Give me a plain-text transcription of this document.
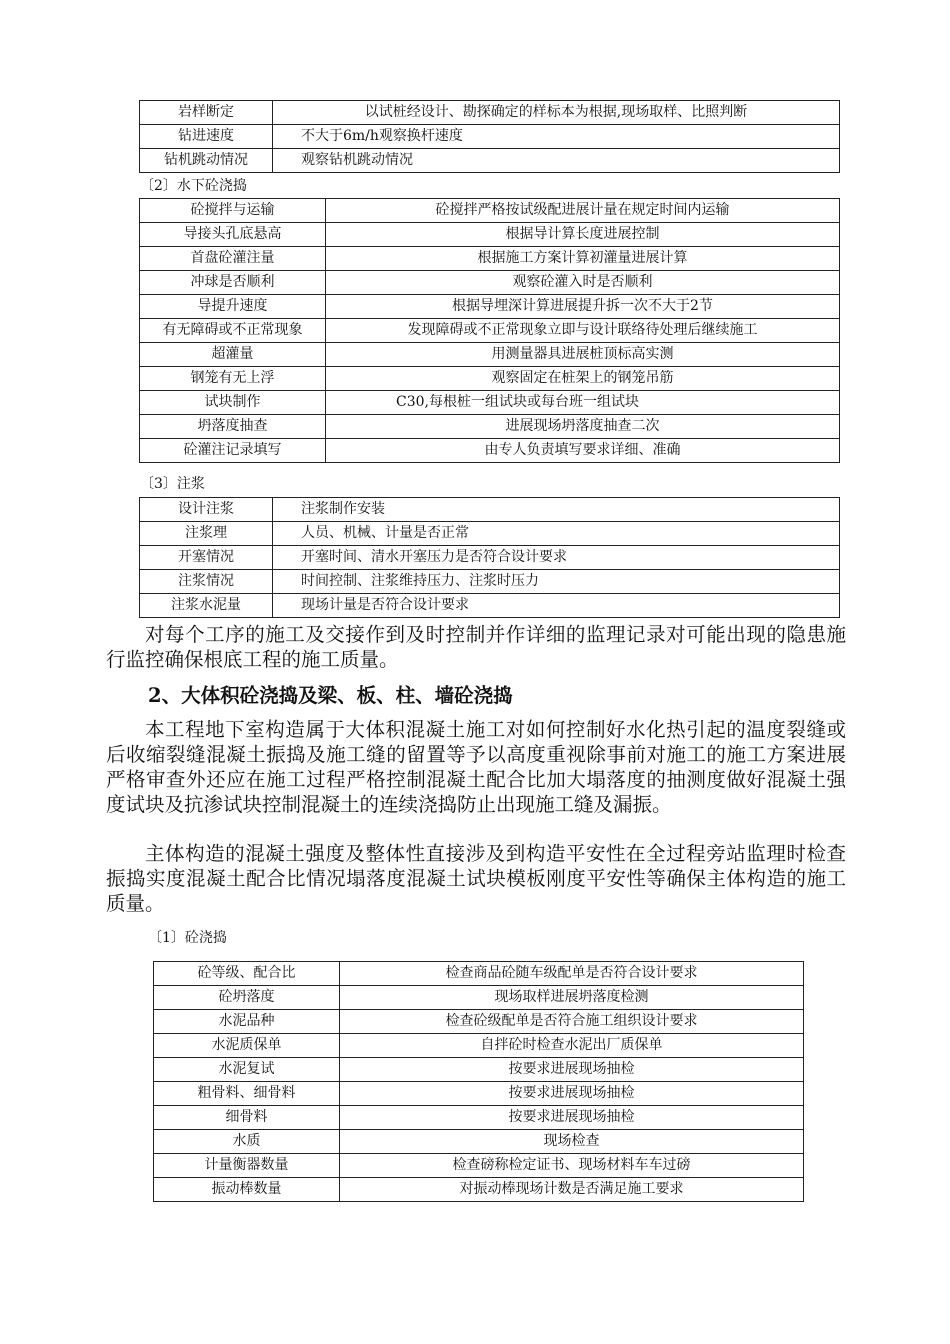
岩样断定	以试桩经设计、勘探确定的样标本为根据,现场取样、比照判断
钻进速度	不大于6m/h观察换杆速度
钻机跳动情况	观察钻机跳动情况
〔2〕水下砼浇捣
砼搅拌与运输	砼搅拌严格按试级配进展计量在规定时间内运输
导接头孔底悬高	根据导计算长度进展控制
首盘砼灌注量	根据施工方案计算初灌量进展计算
冲球是否顺利	观察砼灌入时是否顺利
导提升速度	根据导埋深计算进展提升拆一次不大于2节
有无障碍或不正常现象	发现障碍或不正常现象立即与设计联络待处理后继续施工
超灌量	用测量器具进展桩顶标高实测
钢笼有无上浮	观察固定在桩架上的钢笼吊筋
试块制作	C30,每根桩一组试块或每台班一组试块
坍落度抽查	进展现场坍落度抽查二次
砼灌注记录填写	由专人负责填写要求详细、准确
〔3〕注浆
设计注浆	注浆制作安装
注浆理	人员、机械、计量是否正常
开塞情况	开塞时间、清水开塞压力是否符合设计要求
注浆情况	时间控制、注浆维持压力、注浆时压力
注浆水泥量	现场计量是否符合设计要求

对每个工序的施工及交接作到及时控制并作详细的监理记录对可能出现的隐患施行监控确保根底工程的施工质量。

2、大体积砼浇捣及梁、板、柱、墙砼浇捣

本工程地下室构造属于大体积混凝土施工对如何控制好水化热引起的温度裂缝或后收缩裂缝混凝土振捣及施工缝的留置等予以高度重视除事前对施工的施工方案进展严格审查外还应在施工过程严格控制混凝土配合比加大塌落度的抽测度做好混凝土强度试块及抗渗试块控制混凝土的连续浇捣防止出现施工缝及漏振。

主体构造的混凝土强度及整体性直接涉及到构造平安性在全过程旁站监理时检查振捣实度混凝土配合比情况塌落度混凝土试块模板刚度平安性等确保主体构造的施工质量。

〔1〕砼浇捣
砼等级、配合比	检查商品砼随车级配单是否符合设计要求
砼坍落度	现场取样进展坍落度检测
水泥品种	检查砼级配单是否符合施工组织设计要求
水泥质保单	自拌砼时检查水泥出厂质保单
水泥复试	按要求进展现场抽检
粗骨料、细骨料	按要求进展现场抽检
细骨料	按要求进展现场抽检
水质	现场检查
计量衡器数量	检查磅称检定证书、现场材料车车过磅
振动棒数量	对振动棒现场计数是否满足施工要求
